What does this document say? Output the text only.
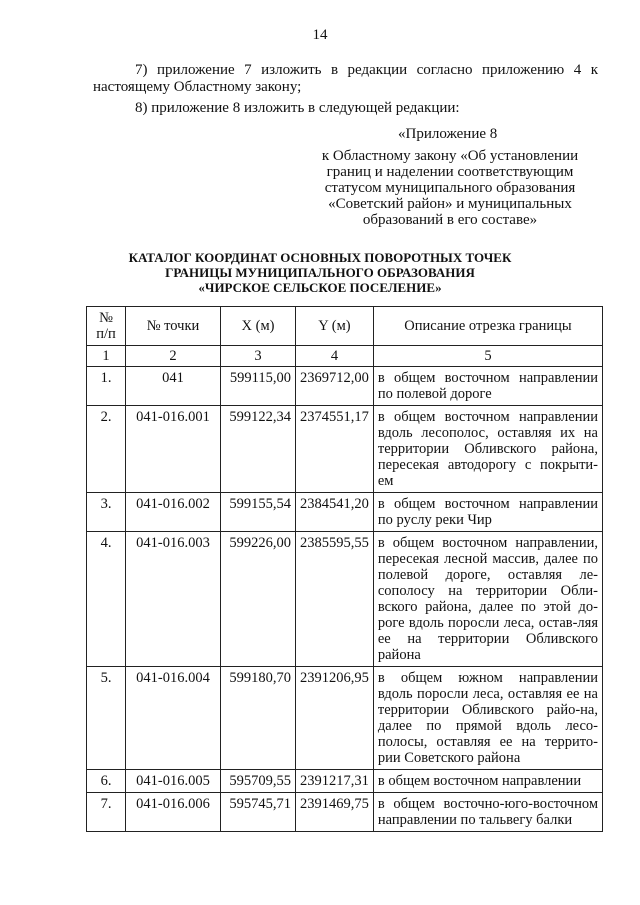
14
7) приложение 7 изложить в редакции согласно приложению 4 к настоящему Областному закону;
8) приложение 8 изложить в следующей редакции:
«Приложение 8
к Областному закону «Об установлении
границ и наделении соответствующим
статусом муниципального образования
«Советский район» и муниципальных
образований в его составе»
КАТАЛОГ КООРДИНАТ ОСНОВНЫХ ПОВОРОТНЫХ ТОЧЕК
ГРАНИЦЫ МУНИЦИПАЛЬНОГО ОБРАЗОВАНИЯ
«ЧИРСКОЕ СЕЛЬСКОЕ ПОСЕЛЕНИЕ»
№
п/п	№ точки	X (м)	Y (м)	Описание отрезка границы
1	2	3	4	5
1.	041	599115,00	2369712,00	в общем восточном направлении по полевой дороге
2.	041-016.001	599122,34	2374551,17	в общем восточном направлении вдоль лесополос, оставляя их на территории Обливского района, пересекая автодорогу с покрыти-ем
3.	041-016.002	599155,54	2384541,20	в общем восточном направлении по руслу реки Чир
4.	041-016.003	599226,00	2385595,55	в общем восточном направлении, пересекая лесной массив, далее по полевой дороге, оставляя ле-сополосу на территории Обли-вского района, далее по этой до-роге вдоль поросли леса, остав-ляя ее на территории Обливского района
5.	041-016.004	599180,70	2391206,95	в общем южном направлении вдоль поросли леса, оставляя ее на территории Обливского райо-на, далее по прямой вдоль лесо-полосы, оставляя ее на террито-рии Советского района
6.	041-016.005	595709,55	2391217,31	в общем восточном направлении
7.	041-016.006	595745,71	2391469,75	в общем восточно-юго-восточном направлении по тальвегу балки
